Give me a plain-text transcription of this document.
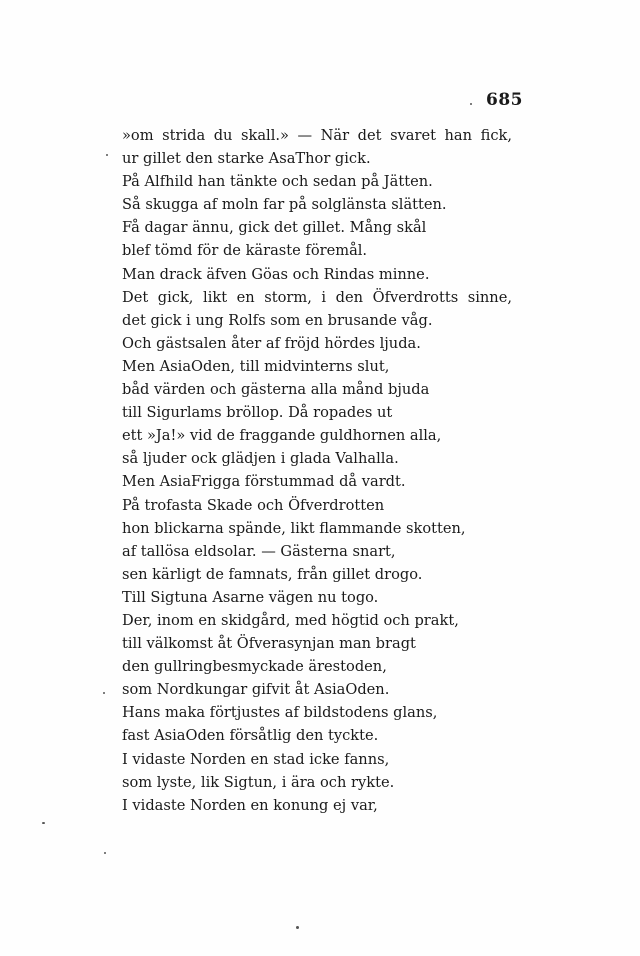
685
»om strida du skall.» — När det svaret han fick,
ur gillet den starke AsaThor gick.
På Alfhild han tänkte och sedan på Jätten.
Så skugga af moln far på solglänsta slätten.
Få dagar ännu, gick det gillet. Mång skål
blef tömd för de käraste föremål.
Man drack äfven Göas och Rindas minne.
Det gick, likt en storm, i den Öfverdrotts sinne,
det gick i ung Rolfs som en brusande våg.
Och gästsalen åter af fröjd hördes ljuda.
Men AsiaOden, till midvinterns slut,
båd värden och gästerna alla månd bjuda
till Sigurlams bröllop. Då ropades ut
ett »Ja!» vid de fraggande guldhornen alla,
så ljuder ock glädjen i glada Valhalla.
Men AsiaFrigga förstummad då vardt.
På trofasta Skade och Öfverdrotten
hon blickarna spände, likt flammande skotten,
af tallösa eldsolar. — Gästerna snart,
sen kärligt de famnats, från gillet drogo.
Till Sigtuna Asarne vägen nu togo.
Der, inom en skidgård, med högtid och prakt,
till välkomst åt Öfverasynjan man bragt
den gullringbesmyckade ärestoden,
som Nordkungar gifvit åt AsiaOden.
Hans maka förtjustes af bildstodens glans,
fast AsiaOden försåtlig den tyckte.
I vidaste Norden en stad icke fanns,
som lyste, lik Sigtun, i ära och rykte.
I vidaste Norden en konung ej var,
